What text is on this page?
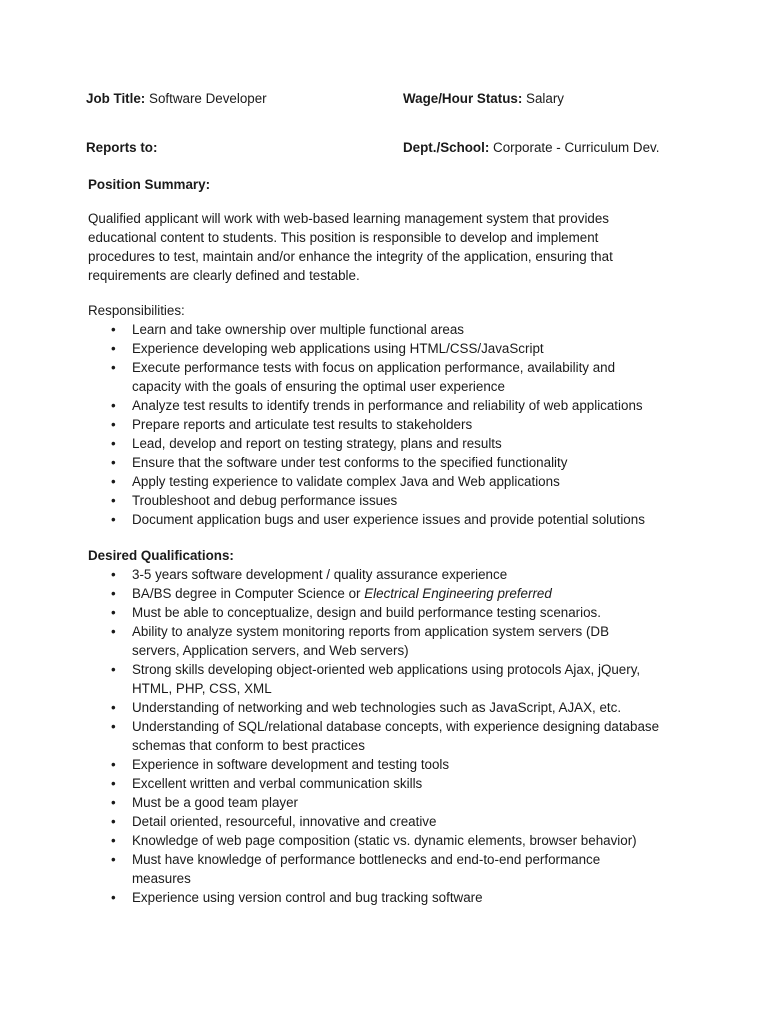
Job Title: Software Developer	Wage/Hour Status: Salary
Reports to:	Dept./School: Corporate - Curriculum Dev.
Position Summary:

Qualified applicant will work with web-based learning management system that provides
educational content to students. This position is responsible to develop and implement
procedures to test, maintain and/or enhance the integrity of the application, ensuring that
requirements are clearly defined and testable.

Responsibilities:
• Learn and take ownership over multiple functional areas
• Experience developing web applications using HTML/CSS/JavaScript
• Execute performance tests with focus on application performance, availability and
capacity with the goals of ensuring the optimal user experience
• Analyze test results to identify trends in performance and reliability of web applications
• Prepare reports and articulate test results to stakeholders
• Lead, develop and report on testing strategy, plans and results
• Ensure that the software under test conforms to the specified functionality
• Apply testing experience to validate complex Java and Web applications
• Troubleshoot and debug performance issues
• Document application bugs and user experience issues and provide potential solutions
Desired Qualifications:
• 3-5 years software development / quality assurance experience
• BA/BS degree in Computer Science or Electrical Engineering preferred
• Must be able to conceptualize, design and build performance testing scenarios.
• Ability to analyze system monitoring reports from application system servers (DB
servers, Application servers, and Web servers)
• Strong skills developing object-oriented web applications using protocols Ajax, jQuery,
HTML, PHP, CSS, XML
• Understanding of networking and web technologies such as JavaScript, AJAX, etc.
• Understanding of SQL/relational database concepts, with experience designing database
schemas that conform to best practices
• Experience in software development and testing tools
• Excellent written and verbal communication skills
• Must be a good team player
• Detail oriented, resourceful, innovative and creative
• Knowledge of web page composition (static vs. dynamic elements, browser behavior)
• Must have knowledge of performance bottlenecks and end-to-end performance
measures
• Experience using version control and bug tracking software
